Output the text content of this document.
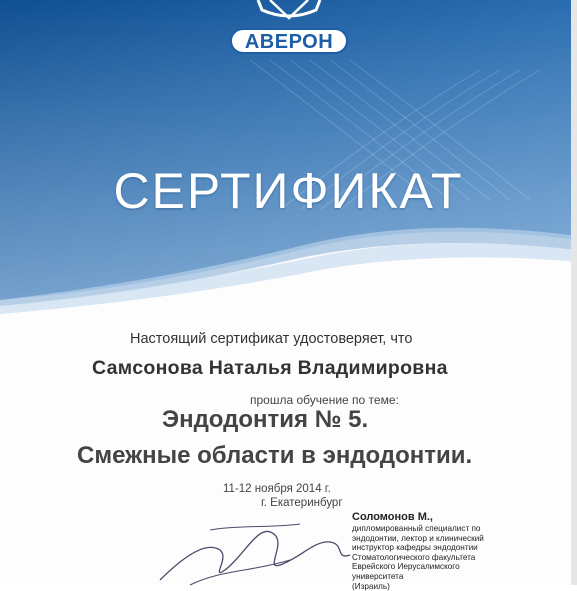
АВЕРОН
СЕРТИФИКАТ
Настоящий сертификат удостоверяет, что
Самсонова Наталья Владимировна
прошла обучение по теме:
Эндодонтия № 5.
Смежные области в эндодонтии.
11-12 ноября 2014 г.
г. Екатеринбург
Соломонов М.,
дипломированный специалист по
эндодонтии, лектор и клинический
инструктор кафедры эндодонтии
Стоматологического факультета
Еврейского Иерусалимского
университета
(Израиль)
